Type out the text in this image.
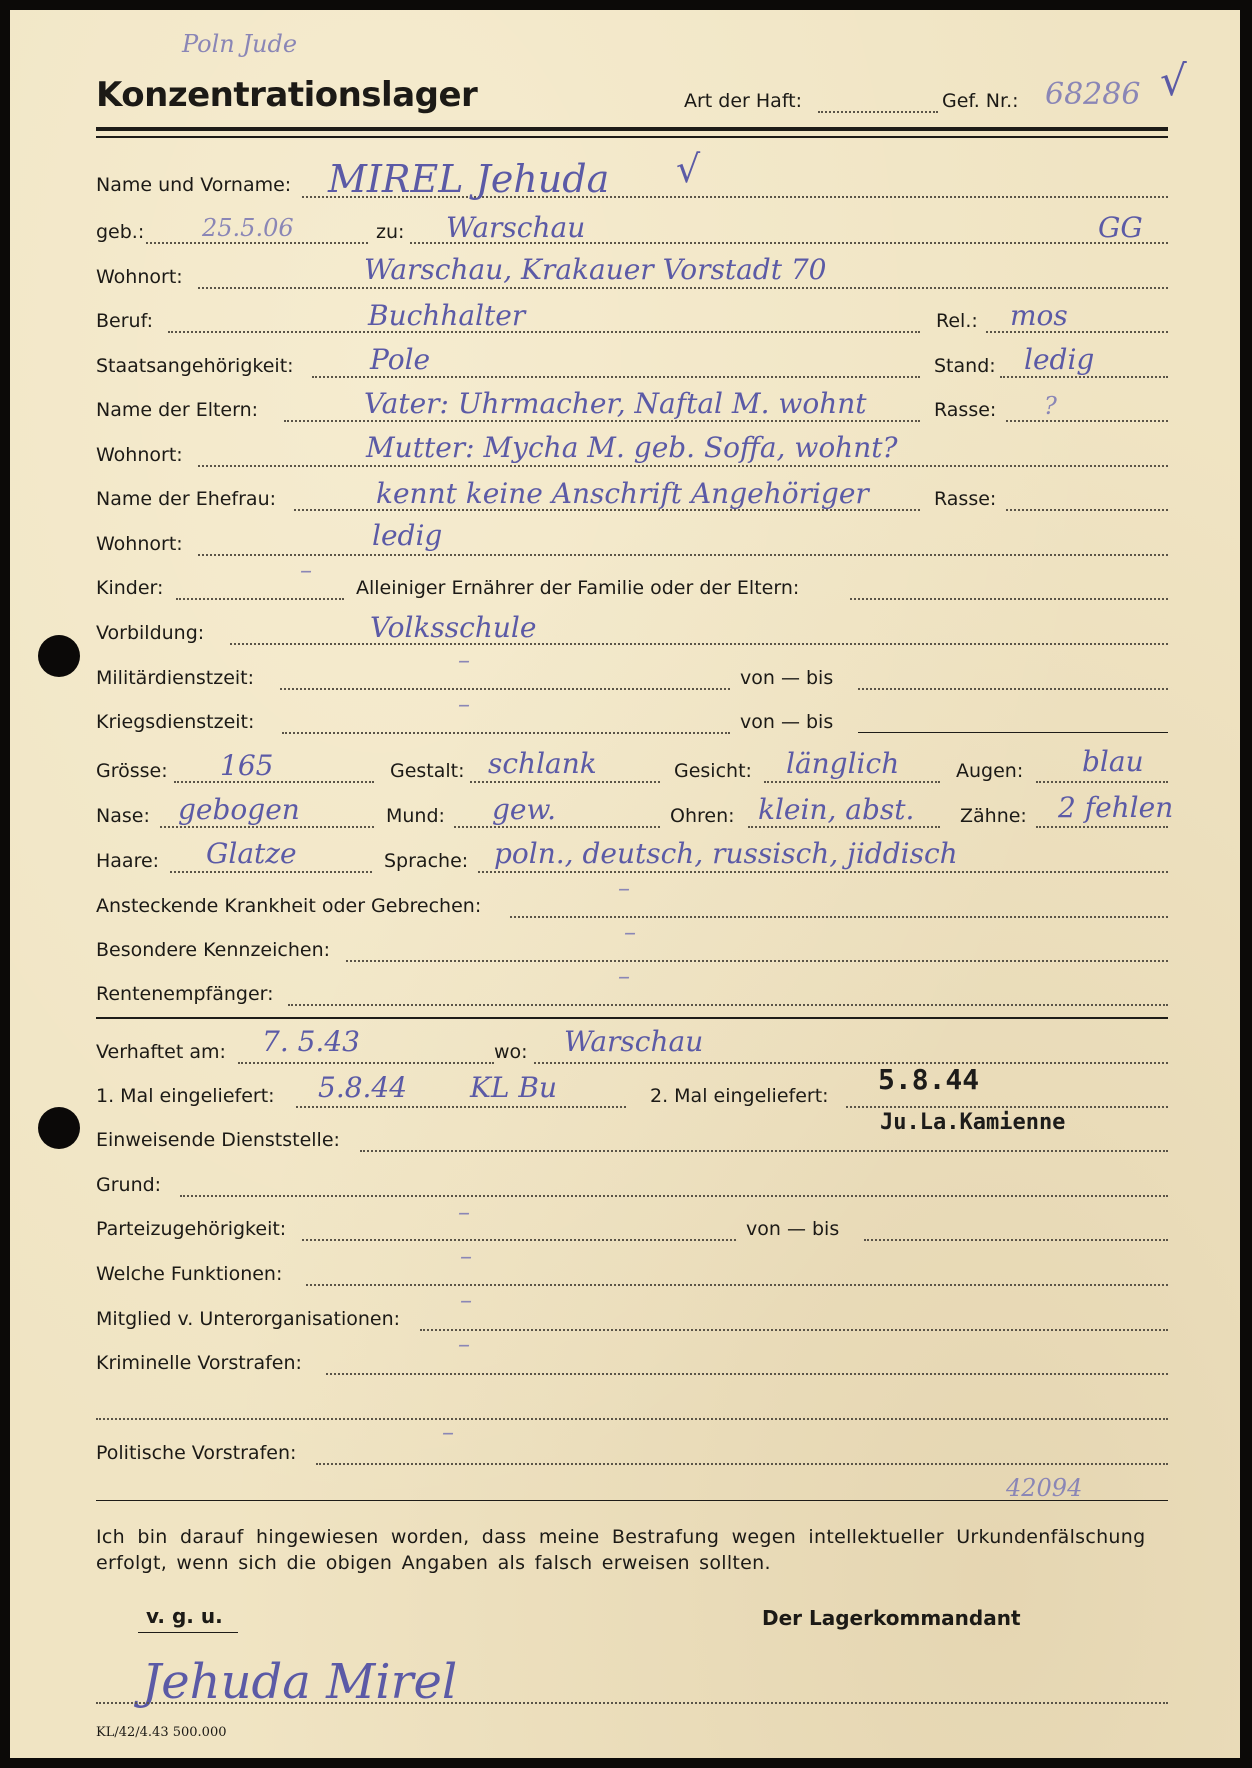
Poln Jude
Konzentrationslager	Art der Haft:	Gef. Nr.: 68286 √
Name und Vorname: MIREL Jehuda √
geb.: 25.5.06	zu: Warschau	GG
Wohnort:	Warschau, Krakauer Vorstadt 70
Beruf:	Buchhalter	Rel.: mos
Staatsangehörigkeit:	Pole	Stand: ledig
Name der Eltern:	Vater: Uhrmacher, Naftal M. wohnt	Rasse: ?
Wohnort:	Mutter: Mycha M. geb. Soffa, wohnt?
Name der Ehefrau:	kennt keine Anschrift Angehöriger	Rasse:
Wohnort:	ledig
Kinder:
–
Alleiniger Ernährer der Familie oder der Eltern:
Vorbildung:	Volksschule
Militärdienstzeit:
–
von — bis
Kriegsdienstzeit:
–
von — bis
Grösse: 165	Gestalt: schlank	Gesicht: länglich	Augen: blau
Nase: gebogen	Mund: gew.	Ohren: klein, abst. Zähne: 2 fehlen
Haare: Glatze	Sprache: poln., deutsch, russisch, jiddisch
Ansteckende Krankheit oder Gebrechen:
–
Besondere Kennzeichen:
–
Rentenempfänger:
–
Verhaftet am: 7. 5.43	wo: Warschau
1. Mal eingeliefert: 5.8.44 KL Bu	2. Mal eingeliefert: 5.8.44
Ju.La.Kamienne
Einweisende Dienststelle:
Grund:
Parteizugehörigkeit:
–
von — bis
Welche Funktionen:
–
Mitglied v. Unterorganisationen:
–
Kriminelle Vorstrafen:
–
Politische Vorstrafen:
–
42094
Ich bin darauf hingewiesen worden, dass meine Bestrafung wegen intellektueller Urkundenfälschung
erfolgt, wenn sich die obigen Angaben als falsch erweisen sollten.
v. g. u.	Der Lagerkommandant
Jehuda Mirel
KL/42/4.43 500.000
